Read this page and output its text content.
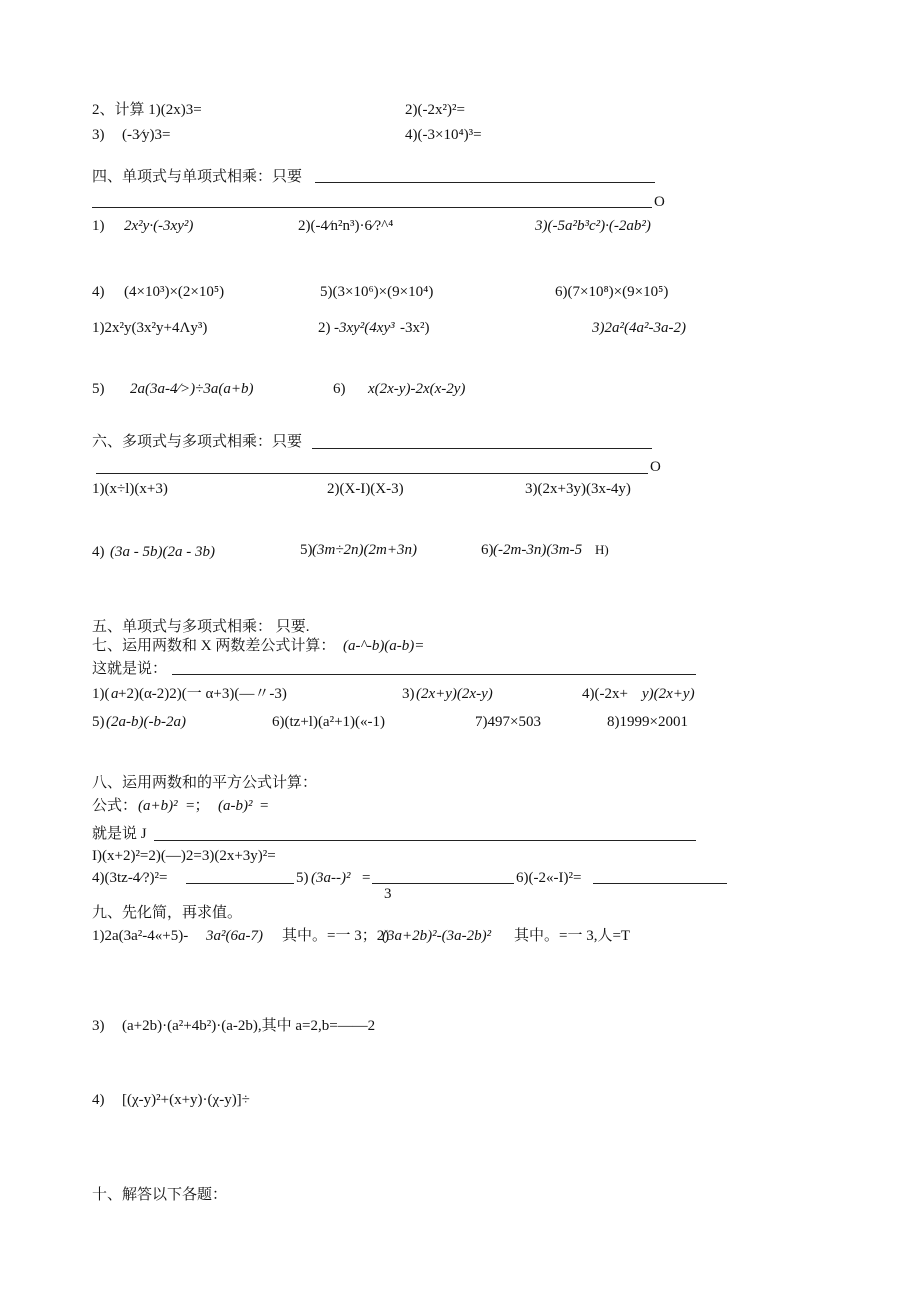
2、计算 1)(2x)3=	2)(-2x²)²=
3) (-3⁄y)3=	4)(-3×10⁴)³=
四、单项式与单项式相乘：只要
O
1) 2x²y·(-3xy²)	2)(-4⁄n²n³)·6⁄?^⁴	3)(-5a²b³c²)·(-2ab²)
4) (4×10³)×(2×10⁵)	5)(3×10⁶)×(9×10⁴)	6)(7×10⁸)×(9×10⁵)
1)2x²y(3x²y+4Λy³)	2) -3xy²(4xy³ -3x²)	3)2a²(4a²-3a-2)
5) 2a(3a-4⁄>)÷3a(a+b)	6) x(2x-y)-2x(x-2y)
六、多项式与多项式相乘：只要
O
1)(x÷l)(x+3)	2)(X-I)(X-3)	3)(2x+3y)(3x-4y)
4) (3a - 5b)(2a - 3b)	5) (3m÷2n)(2m+3n)	6) (-2m-3n)(3m-5 H)
五、单项式与多项式相乘： 只要.
七、运用两数和 X 两数差公式计算： (a-^-b)(a-b)=
这就是说：
1)( a +2)(α-2)2)(一 α+3)(—〃-3)	3) (2x+y)(2x-y)	4)(-2x+ y)(2x+y)
5) (2a-b)(-b-2a)	6)(tz+l)(a²+1)(«-1)	7)497×503	8)1999×2001
八、运用两数和的平方公式计算：
公式： (a+b)² =； (a-b)² =
就是说 J
I)(x+2)²=2)(—)2=3)(2x+3y)²=
4)(3tz-4⁄?)²=	5) (3a--)² =
3
6)(-2«-I)²=
九、先化简，再求值。
1)2a(3a²-4«+5)- 3a²(6a-7) 其中。=一 3；2)
(3a+2b)²-(3a-2b)² 其中。=一 3,人=T
3) (a+2b)·(a²+4b²)·(a-2b),其中 a=2,b=——2
4) [(χ-y)²+(x+y)·(χ-y)]÷
十、解答以下各题：
